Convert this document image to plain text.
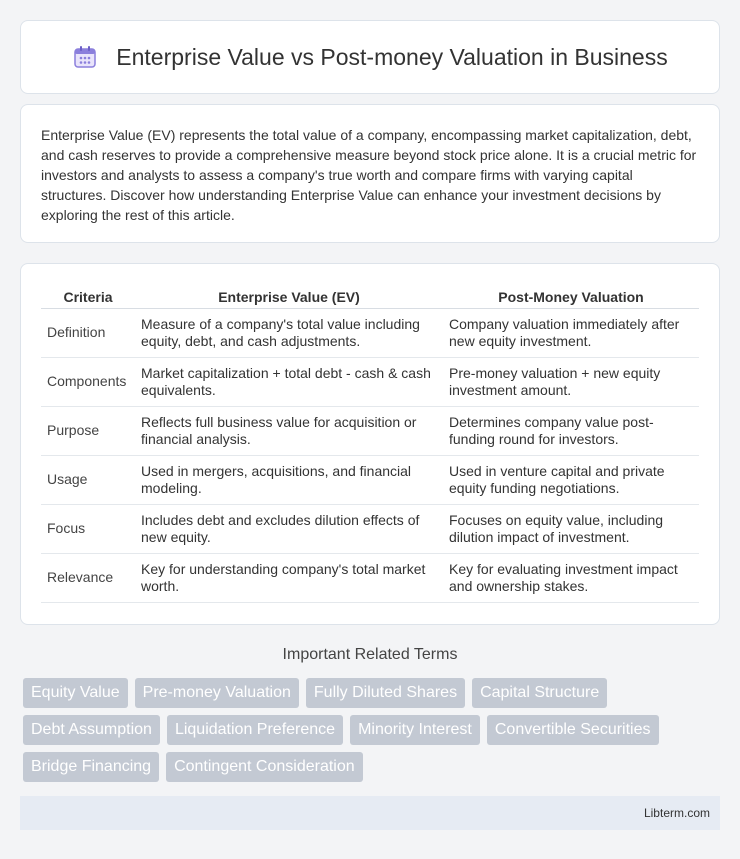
Enterprise Value vs Post-money Valuation in Business

Enterprise Value (EV) represents the total value of a company, encompassing market capitalization, debt, and cash reserves to provide a comprehensive measure beyond stock price alone. It is a crucial metric for investors and analysts to assess a company's true worth and compare firms with varying capital structures. Discover how understanding Enterprise Value can enhance your investment decisions by exploring the rest of this article.

Criteria	Enterprise Value (EV)	Post-Money Valuation
Definition	Measure of a company's total value including equity, debt, and cash adjustments.	Company valuation immediately after new equity investment.
Components	Market capitalization + total debt - cash & cash equivalents.	Pre-money valuation + new equity investment amount.
Purpose	Reflects full business value for acquisition or financial analysis.	Determines company value post-funding round for investors.
Usage	Used in mergers, acquisitions, and financial modeling.	Used in venture capital and private equity funding negotiations.
Focus	Includes debt and excludes dilution effects of new equity.	Focuses on equity value, including dilution impact of investment.
Relevance	Key for understanding company's total market worth.	Key for evaluating investment impact and ownership stakes.
Important Related Terms
Equity Value	Pre-money Valuation	Fully Diluted Shares	Capital Structure
Debt Assumption	Liquidation Preference	Minority Interest	Convertible Securities
Bridge Financing	Contingent Consideration
Libterm.com
